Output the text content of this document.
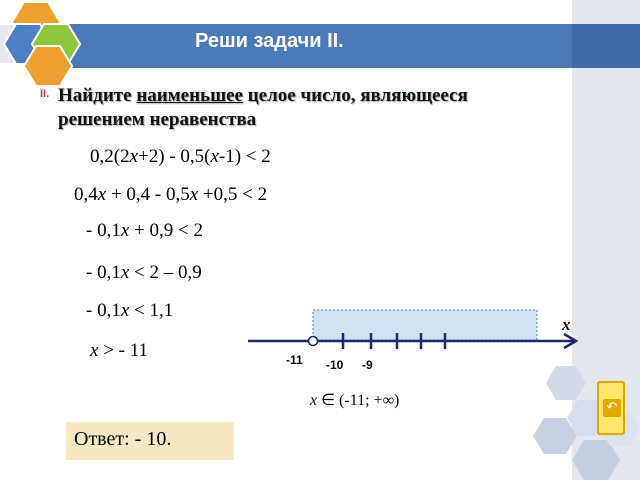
Реши задачи II.
II. Найдите наименьшее целое число, являющееся
решением неравенства
0,2(2x+2) - 0,5(x-1) < 2
0,4x + 0,4 - 0,5x +0,5 < 2
- 0,1x + 0,9 < 2
- 0,1x < 2 – 0,9
- 0,1x < 1,1
x > - 11
x
-11 -10 -9
x ∈ (-11; +∞)
Ответ: - 10.
↶
